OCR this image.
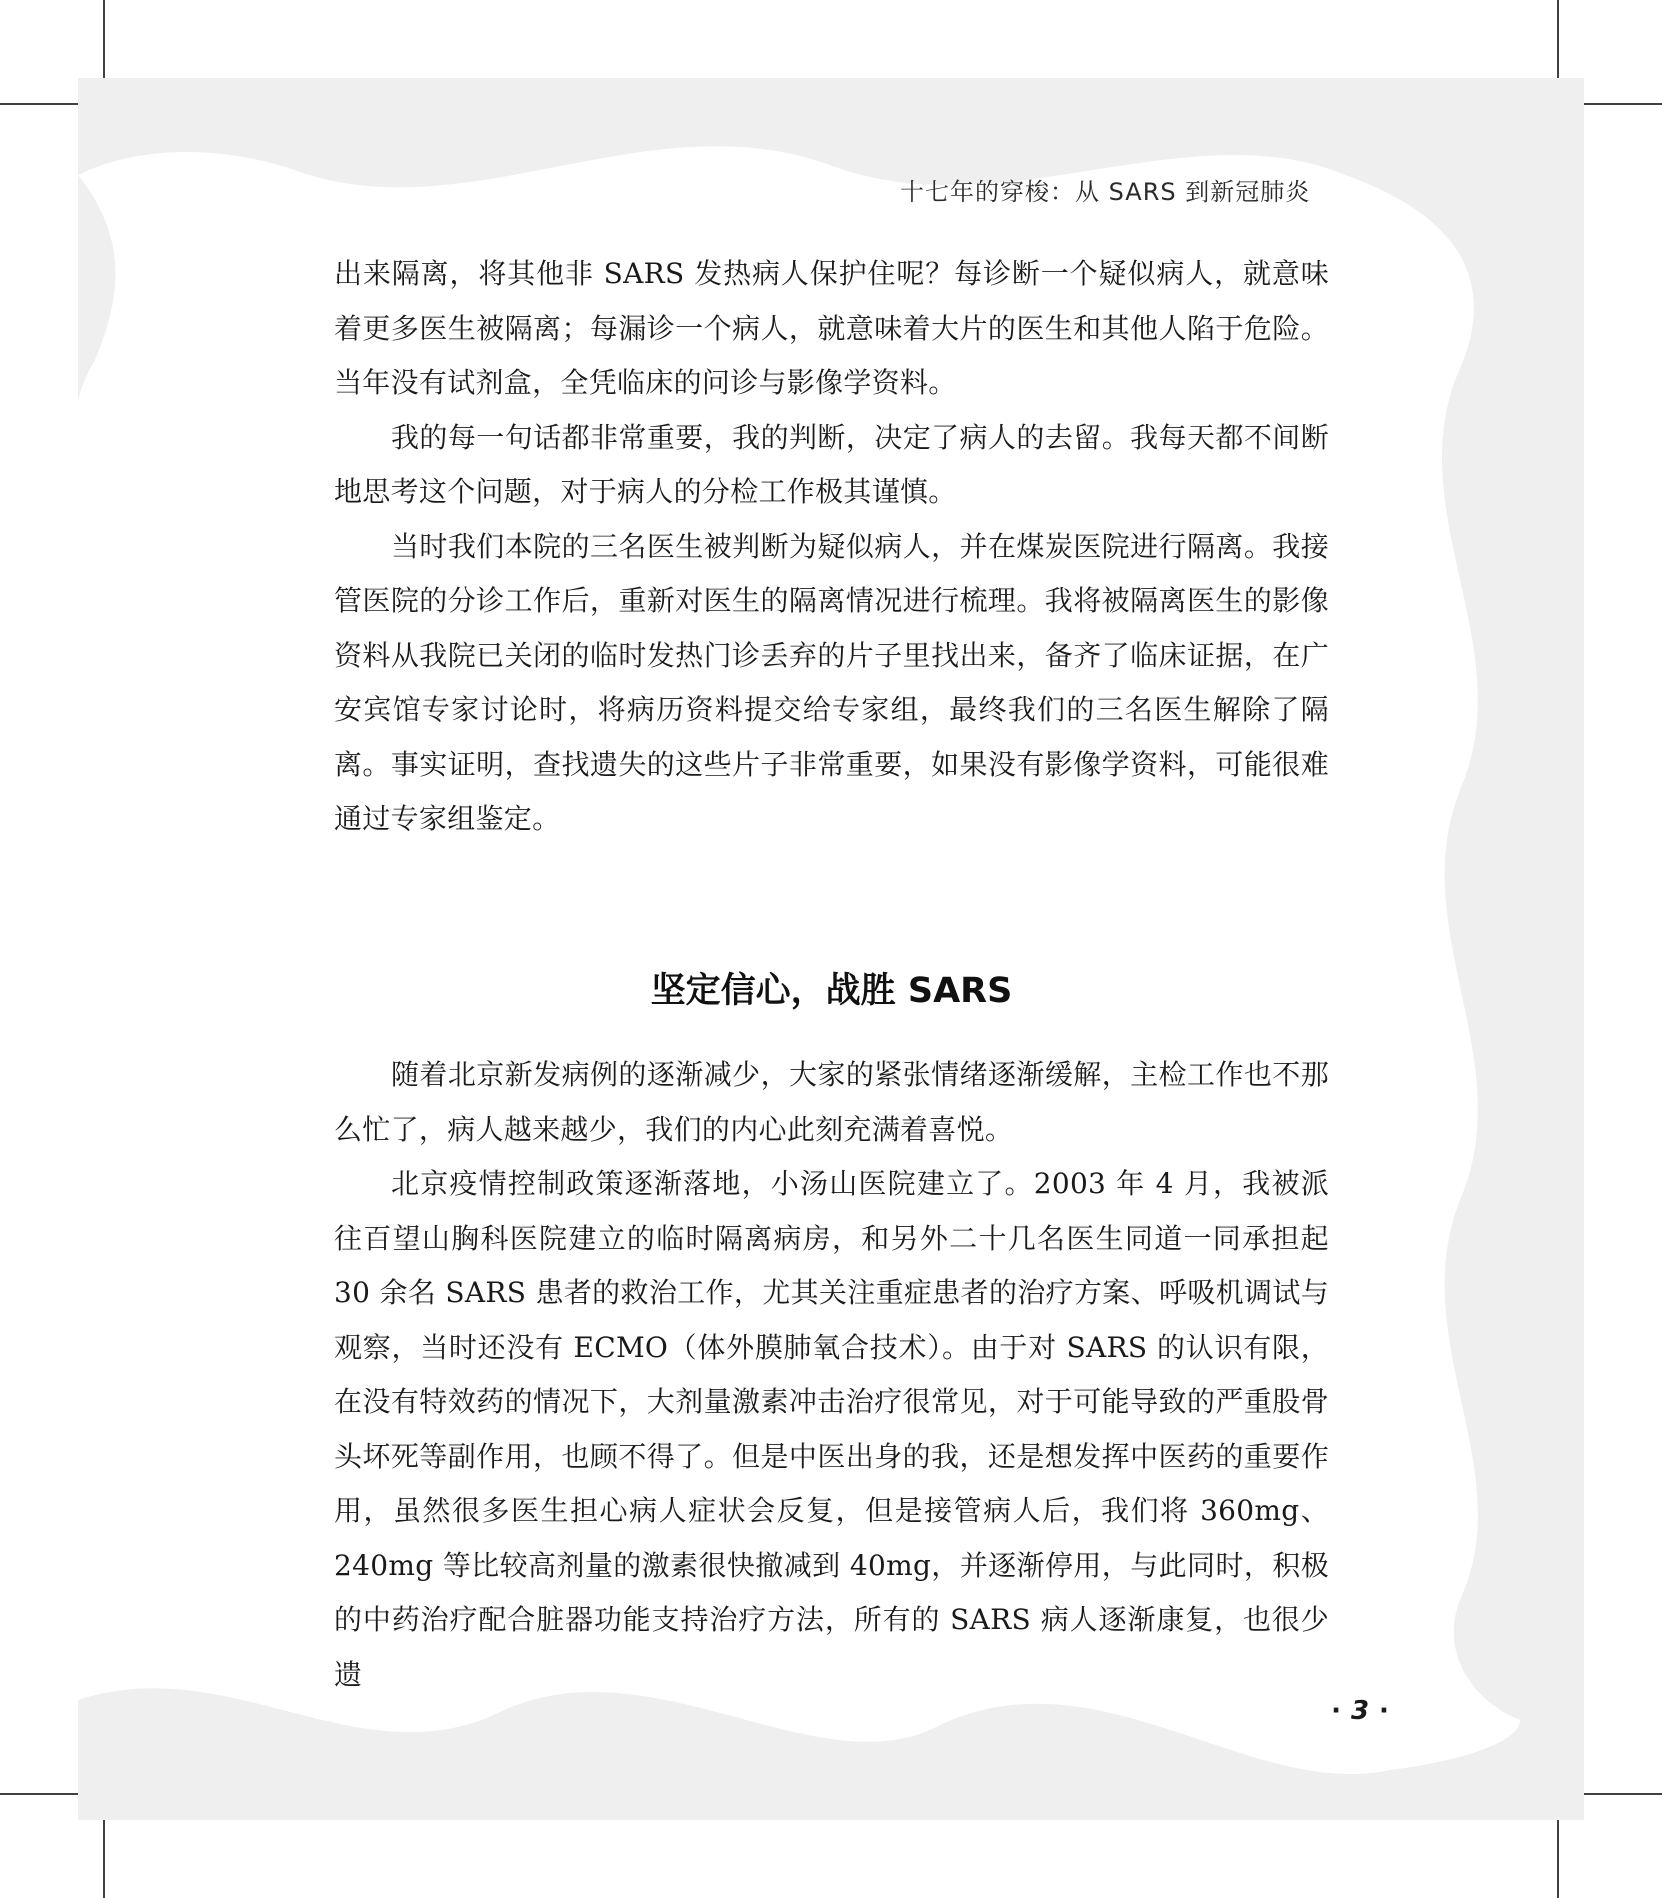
十七年的穿梭：从 SARS 到新冠肺炎

出来隔离，将其他非 SARS 发热病人保护住呢？每诊断一个疑似病人，就意味着更多医生被隔离；每漏诊一个病人，就意味着大片的医生和其他人陷于危险。当年没有试剂盒，全凭临床的问诊与影像学资料。

我的每一句话都非常重要，我的判断，决定了病人的去留。我每天都不间断地思考这个问题，对于病人的分检工作极其谨慎。

当时我们本院的三名医生被判断为疑似病人，并在煤炭医院进行隔离。我接管医院的分诊工作后，重新对医生的隔离情况进行梳理。我将被隔离医生的影像资料从我院已关闭的临时发热门诊丢弃的片子里找出来，备齐了临床证据，在广安宾馆专家讨论时，将病历资料提交给专家组，最终我们的三名医生解除了隔离。事实证明，查找遗失的这些片子非常重要，如果没有影像学资料，可能很难通过专家组鉴定。

坚定信心，战胜 SARS

随着北京新发病例的逐渐减少，大家的紧张情绪逐渐缓解，主检工作也不那么忙了，病人越来越少，我们的内心此刻充满着喜悦。

北京疫情控制政策逐渐落地，小汤山医院建立了。2003 年 4 月，我被派往百望山胸科医院建立的临时隔离病房，和另外二十几名医生同道一同承担起 30 余名 SARS 患者的救治工作，尤其关注重症患者的治疗方案、呼吸机调试与观察，当时还没有 ECMO（体外膜肺氧合技术）。由于对 SARS 的认识有限，在没有特效药的情况下，大剂量激素冲击治疗很常见，对于可能导致的严重股骨头坏死等副作用，也顾不得了。但是中医出身的我，还是想发挥中医药的重要作用，虽然很多医生担心病人症状会反复，但是接管病人后，我们将 360mg、240mg 等比较高剂量的激素很快撤减到 40mg，并逐渐停用，与此同时，积极的中药治疗配合脏器功能支持治疗方法，所有的 SARS 病人逐渐康复，也很少遗

· 3 ·
